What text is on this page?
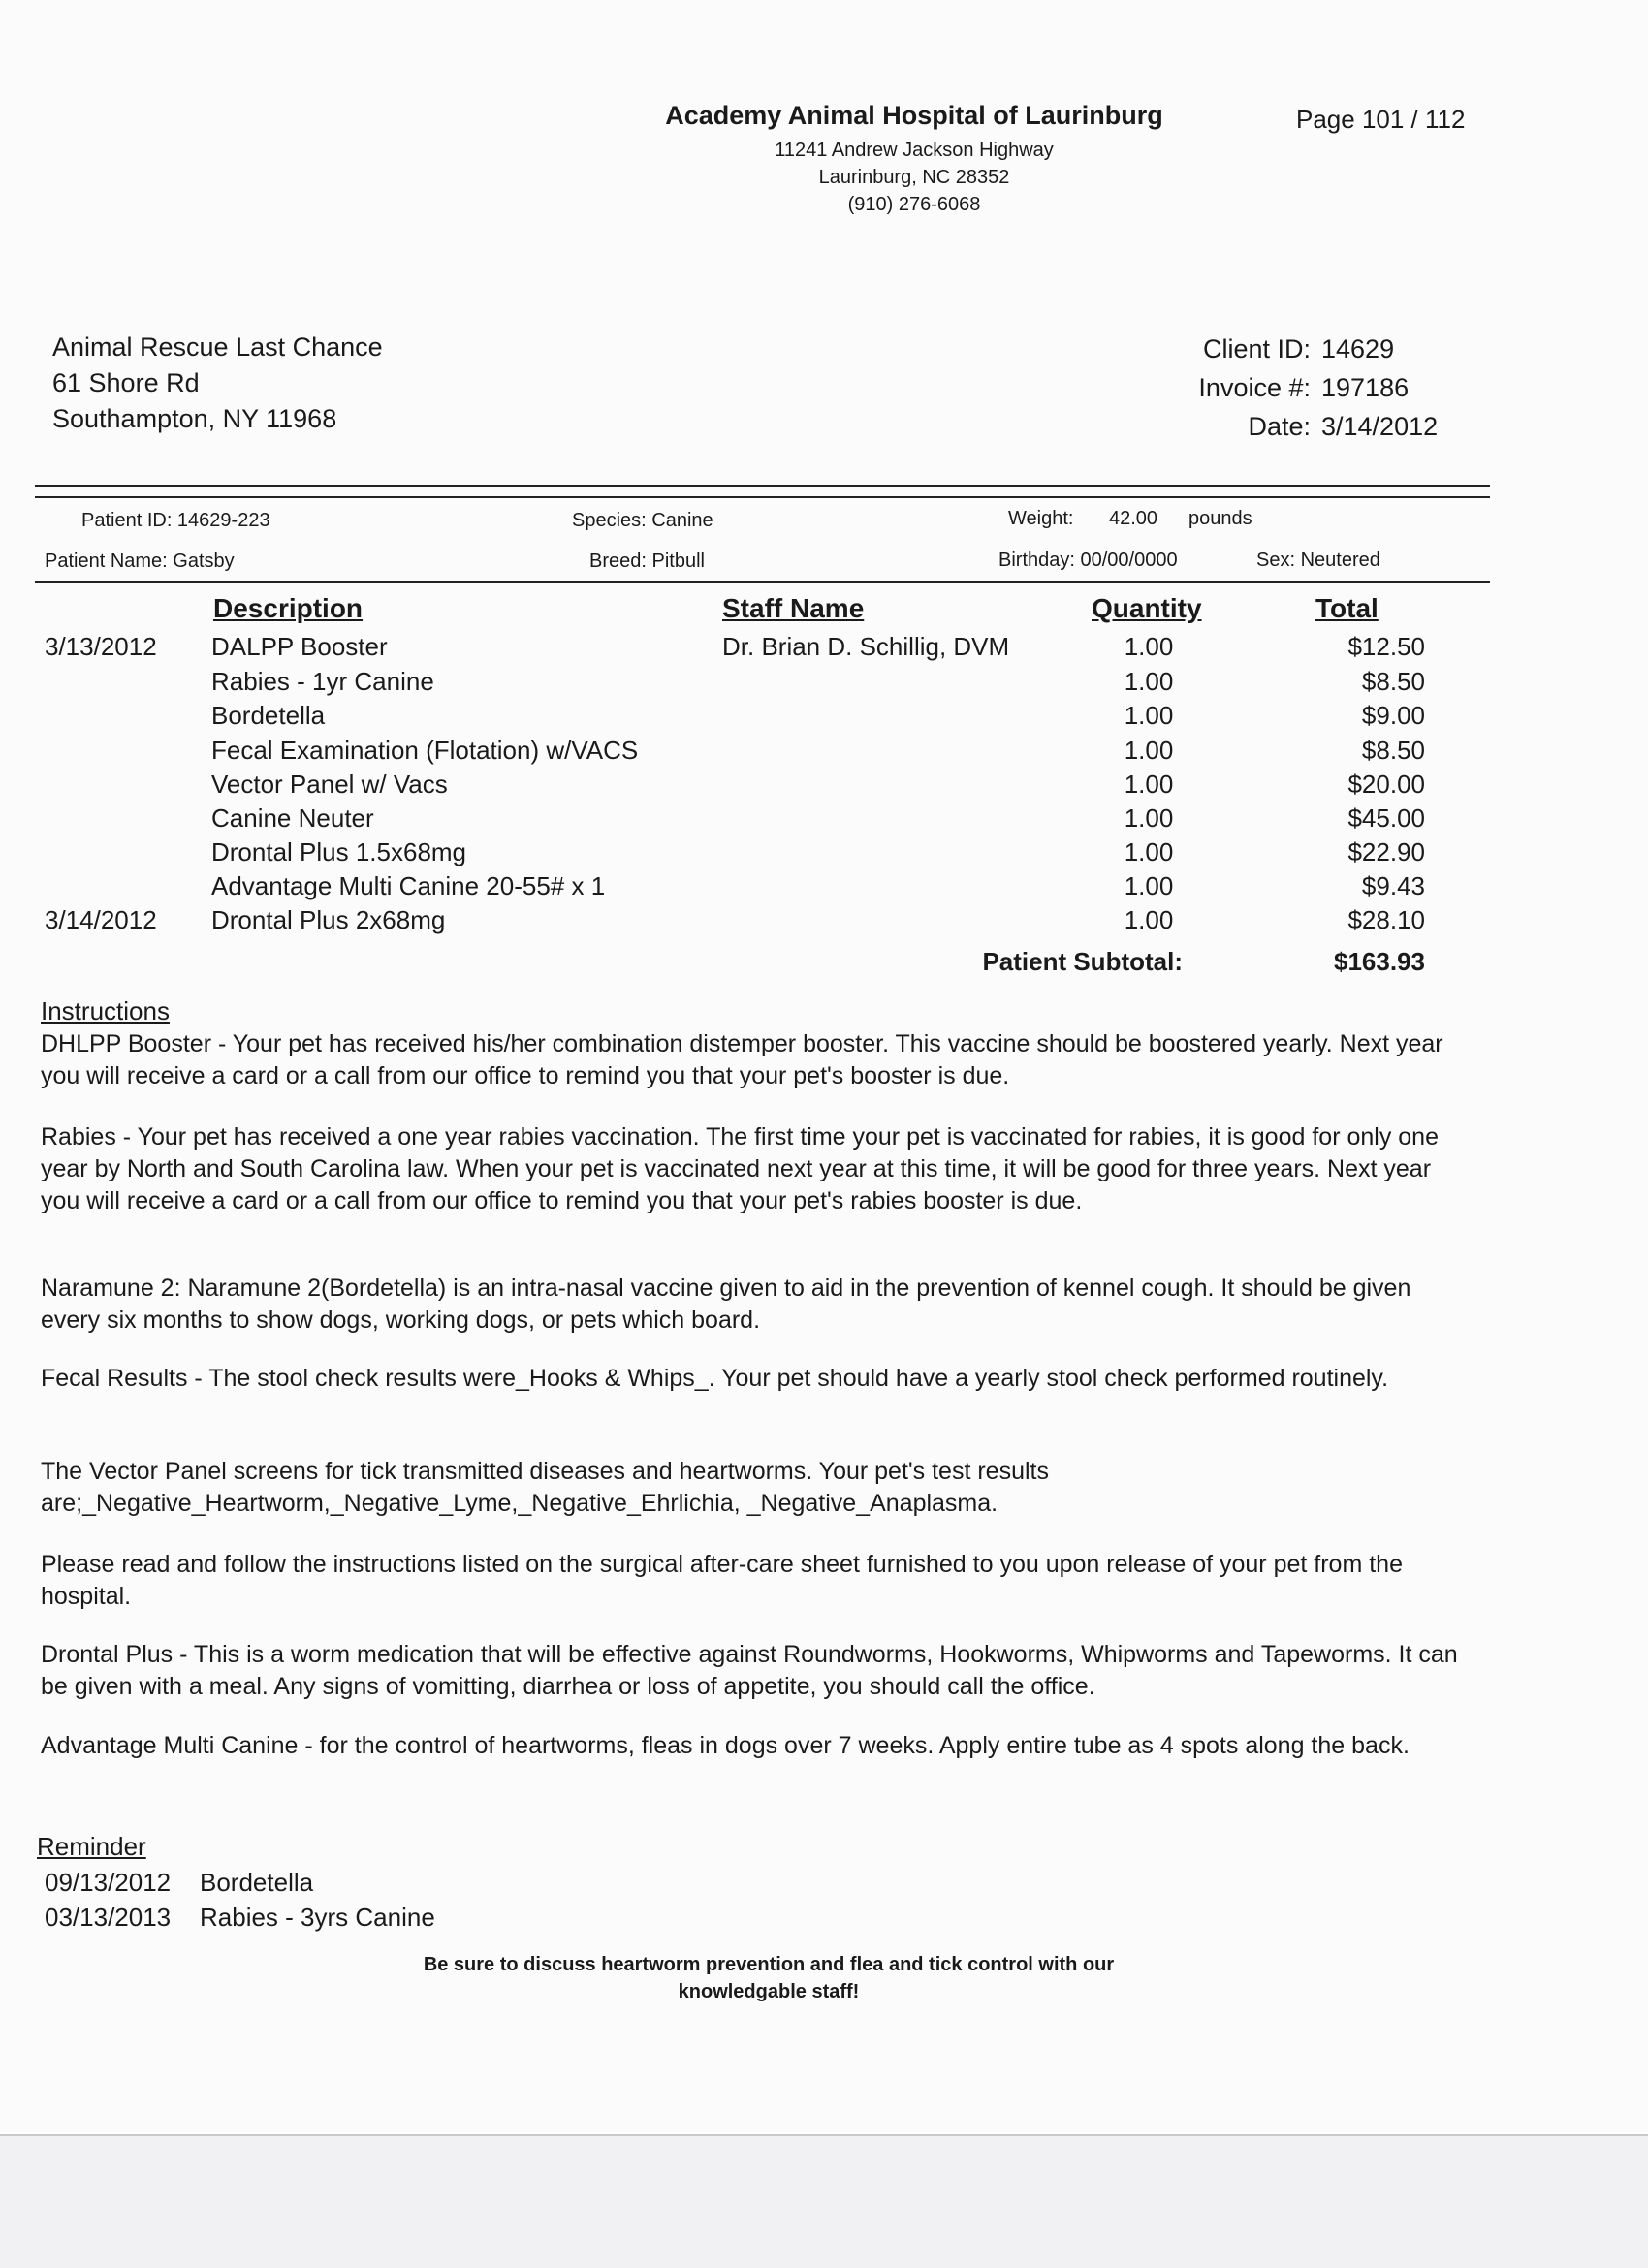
Academy Animal Hospital of Laurinburg
11241 Andrew Jackson Highway
Laurinburg, NC 28352
(910) 276-6068
Page 101 / 112
Animal Rescue Last Chance
61 Shore Rd
Southampton, NY 11968
Client ID: 14629
Invoice #: 197186
Date: 3/14/2012
Patient ID: 14629-223	Species: Canine	Weight: 42.00 pounds
Patient Name: Gatsby	Breed: Pitbull	Birthday: 00/00/0000	Sex: Neutered
Description	Staff Name	Quantity	Total
3/13/2012 DALPP Booster	Dr. Brian D. Schillig, DVM	1.00	$12.50
Rabies - 1yr Canine	1.00	$8.50
Bordetella	1.00	$9.00
Fecal Examination (Flotation) w/VACS	1.00	$8.50
Vector Panel w/ Vacs	1.00	$20.00
Canine Neuter	1.00	$45.00
Drontal Plus 1.5x68mg	1.00	$22.90
Advantage Multi Canine 20-55# x 1	1.00	$9.43
3/14/2012 Drontal Plus 2x68mg	1.00	$28.10
Patient Subtotal:	$163.93
Instructions
DHLPP Booster - Your pet has received his/her combination distemper booster. This vaccine should be boostered yearly. Next year you will receive a card or a call from our office to remind you that your pet's booster is due.
Rabies - Your pet has received a one year rabies vaccination. The first time your pet is vaccinated for rabies, it is good for only one year by North and South Carolina law. When your pet is vaccinated next year at this time, it will be good for three years. Next year you will receive a card or a call from our office to remind you that your pet's rabies booster is due.
Naramune 2: Naramune 2(Bordetella) is an intra-nasal vaccine given to aid in the prevention of kennel cough. It should be given every six months to show dogs, working dogs, or pets which board.
Fecal Results - The stool check results were_Hooks & Whips_. Your pet should have a yearly stool check performed routinely.
The Vector Panel screens for tick transmitted diseases and heartworms. Your pet's test results are;_Negative_Heartworm,_Negative_Lyme,_Negative_Ehrlichia, _Negative_Anaplasma.
Please read and follow the instructions listed on the surgical after-care sheet furnished to you upon release of your pet from the hospital.
Drontal Plus - This is a worm medication that will be effective against Roundworms, Hookworms, Whipworms and Tapeworms. It can be given with a meal. Any signs of vomitting, diarrhea or loss of appetite, you should call the office.
Advantage Multi Canine - for the control of heartworms, fleas in dogs over 7 weeks. Apply entire tube as 4 spots along the back.
Reminder
09/13/2012 Bordetella
03/13/2013 Rabies - 3yrs Canine
Be sure to discuss heartworm prevention and flea and tick control with our
knowledgable staff!
